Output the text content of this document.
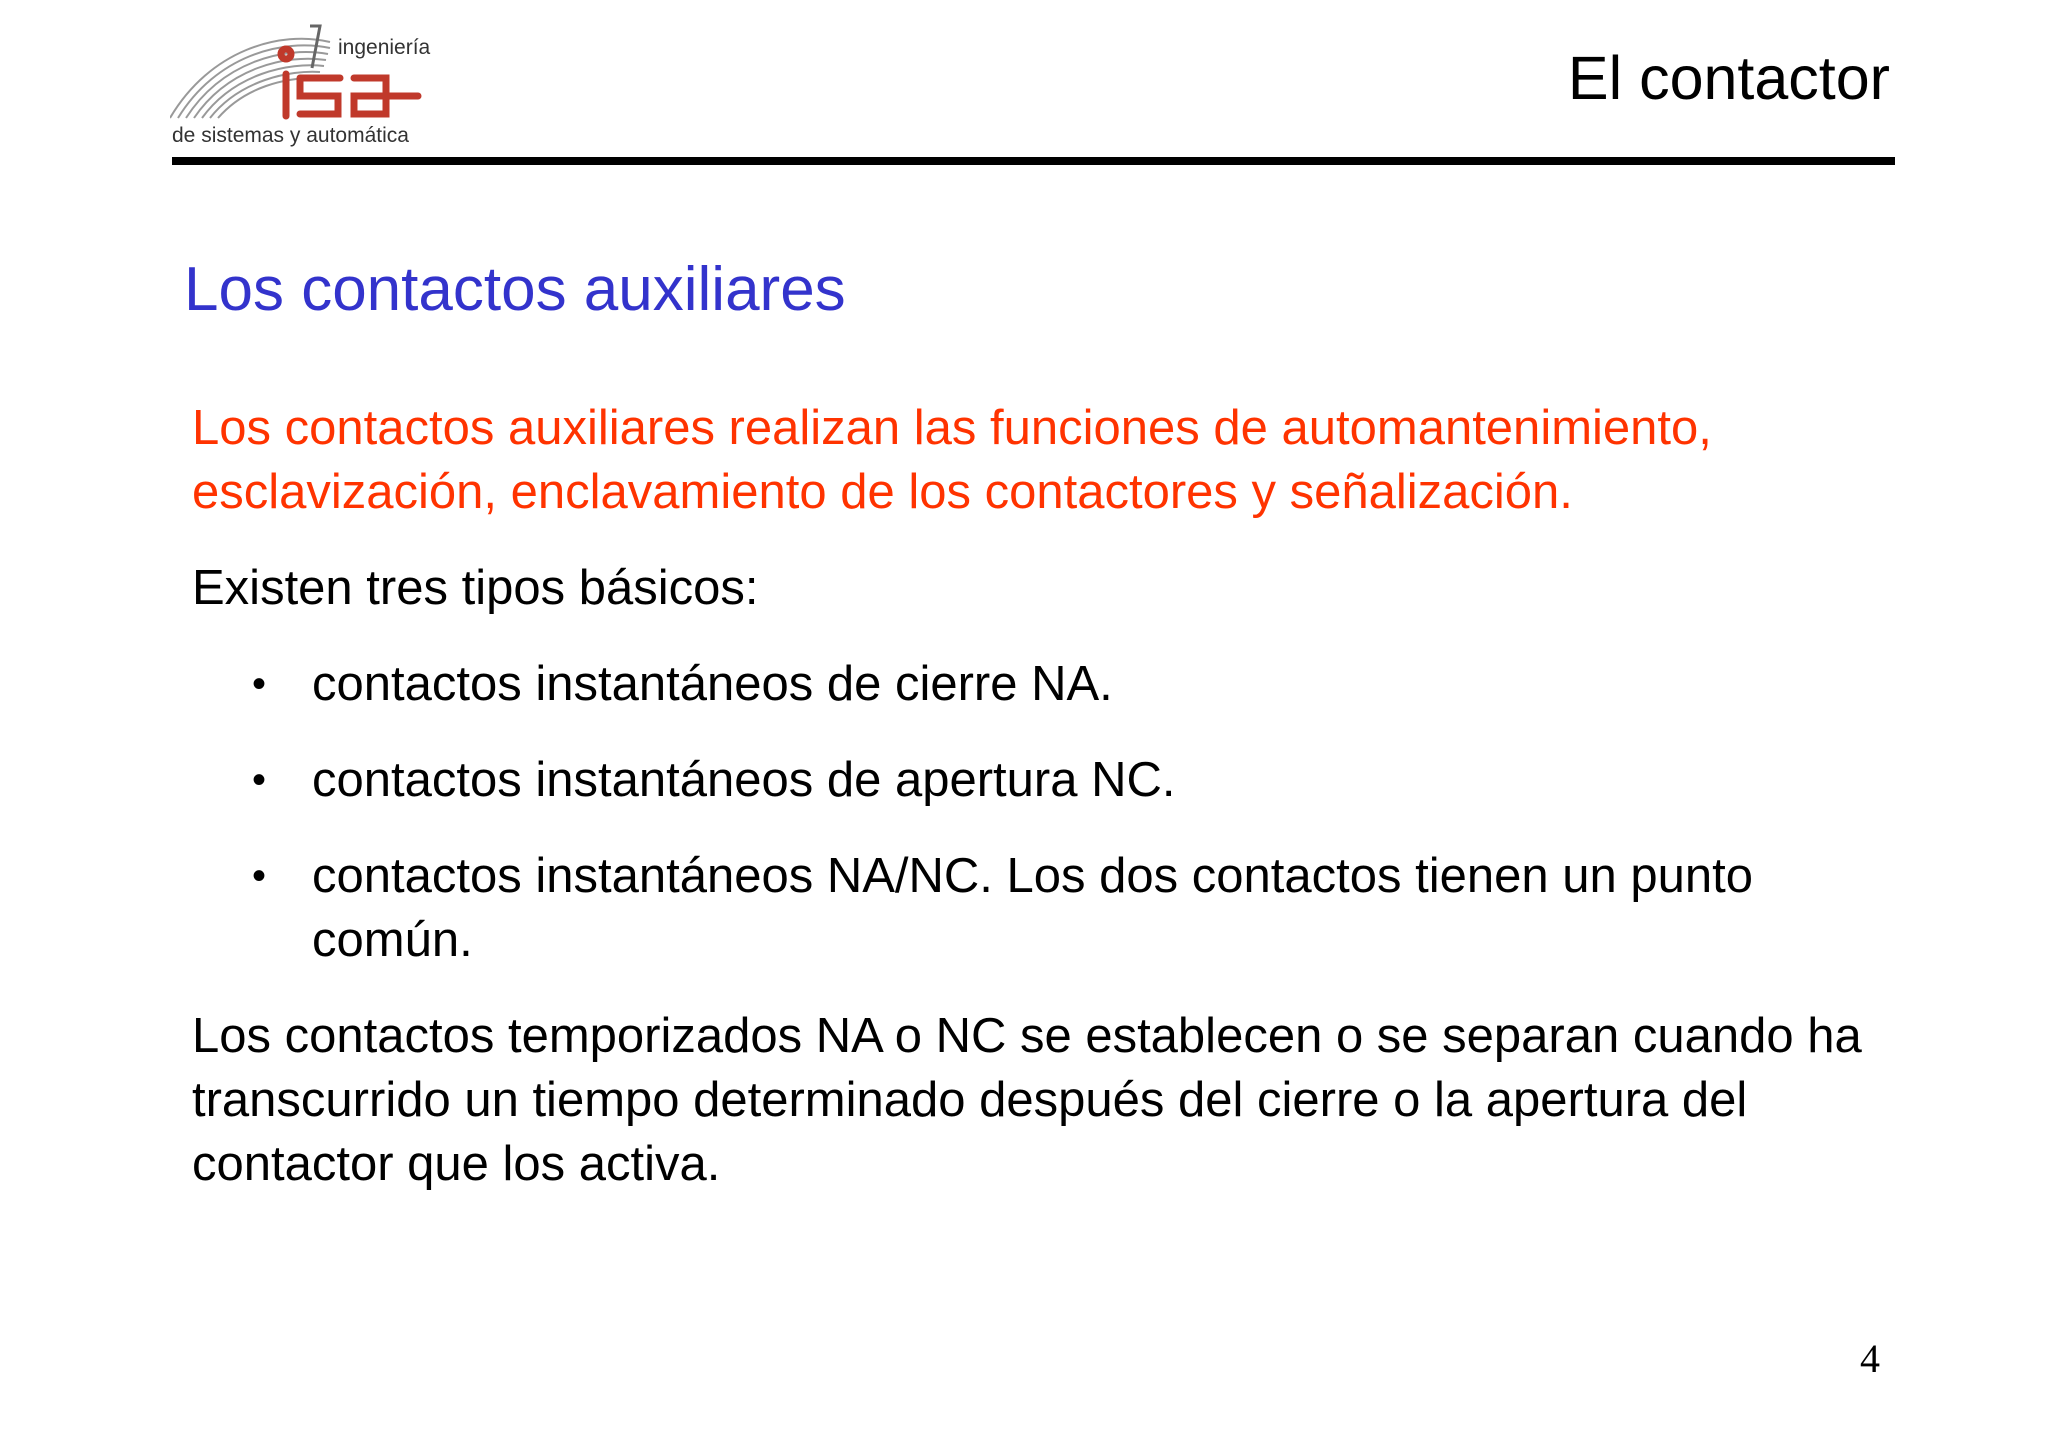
ingeniería
de sistemas y automática
El contactor
Los contactos auxiliares

Los contactos auxiliares realizan las funciones de automantenimiento, esclavización, enclavamiento de los contactores y señalización.

Existen tres tipos básicos:

• contactos instantáneos de cierre NA.
• contactos instantáneos de apertura NC.
• contactos instantáneos NA/NC. Los dos contactos tienen un punto común.

Los contactos temporizados NA o NC se establecen o se separan cuando ha transcurrido un tiempo determinado después del cierre o la apertura del contactor que los activa.

4
